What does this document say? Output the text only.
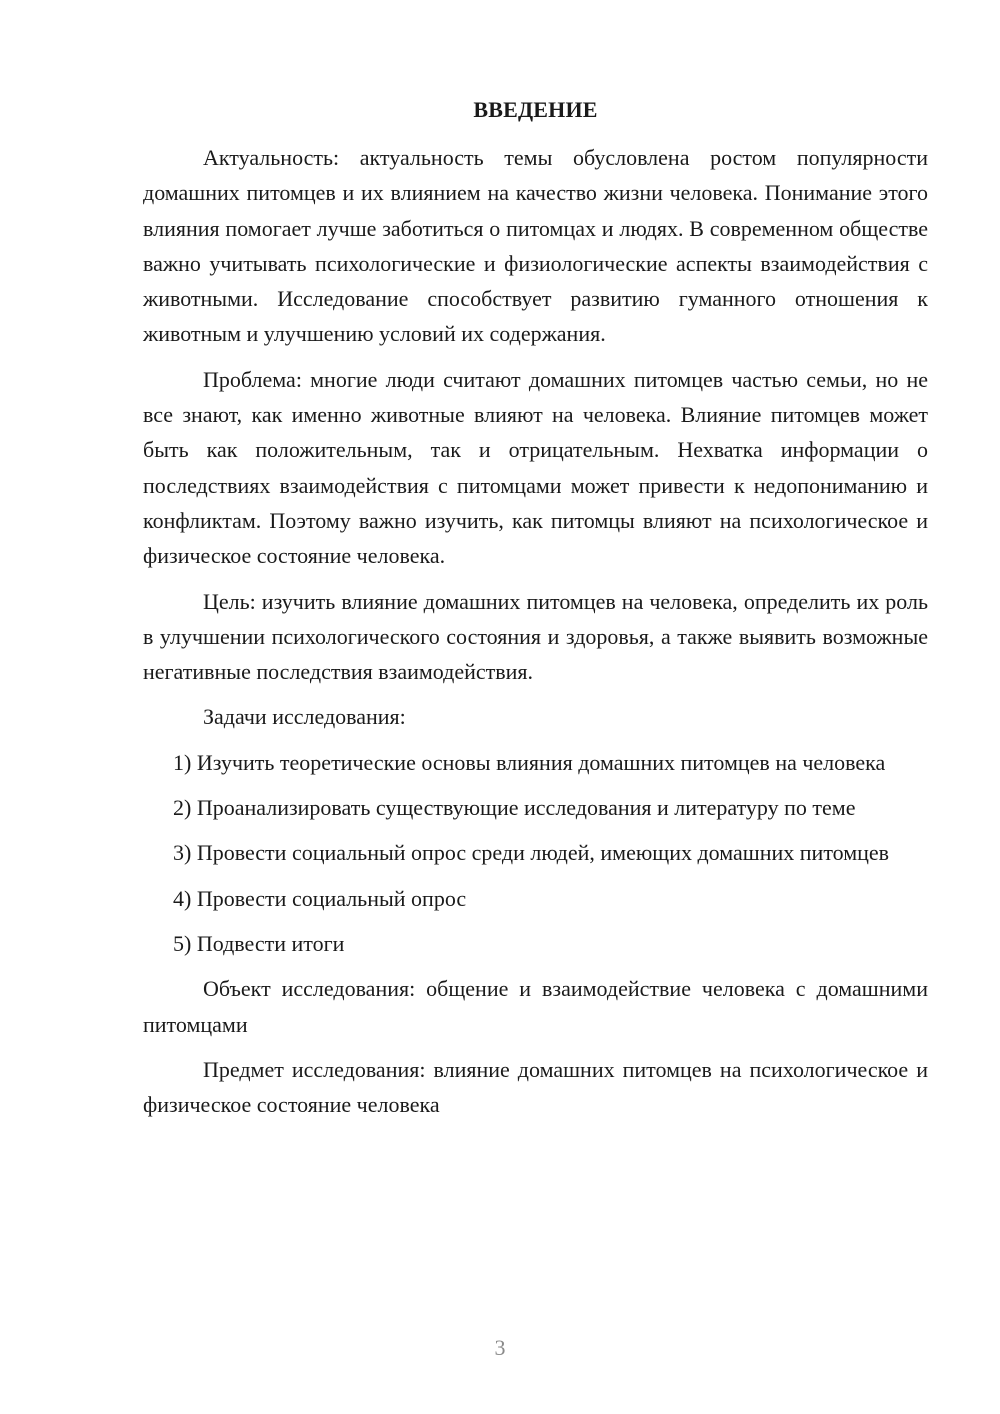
ВВЕДЕНИЕ

Актуальность: актуальность темы обусловлена ростом популярности домашних питомцев и их влиянием на качество жизни человека. Понимание этого влияния помогает лучше заботиться о питомцах и людях. В современном обществе важно учитывать психологические и физиологические аспекты взаимодействия с животными. Исследование способствует развитию гуманного отношения к животным и улучшению условий их содержания.

Проблема: многие люди считают домашних питомцев частью семьи, но не все знают, как именно животные влияют на человека. Влияние питомцев может быть как положительным, так и отрицательным. Нехватка информации о последствиях взаимодействия с питомцами может привести к недопониманию и конфликтам. Поэтому важно изучить, как питомцы влияют на психологическое и физическое состояние человека.

Цель: изучить влияние домашних питомцев на человека, определить их роль в улучшении психологического состояния и здоровья, а также выявить возможные негативные последствия взаимодействия.

Задачи исследования:

1) Изучить теоретические основы влияния домашних питомцев на человека

2) Проанализировать существующие исследования и литературу по теме

3) Провести социальный опрос среди людей, имеющих домашних питомцев

4) Провести социальный опрос

5) Подвести итоги

Объект исследования: общение и взаимодействие человека с домашними питомцами

Предмет исследования: влияние домашних питомцев на психологическое и физическое состояние человека

3
